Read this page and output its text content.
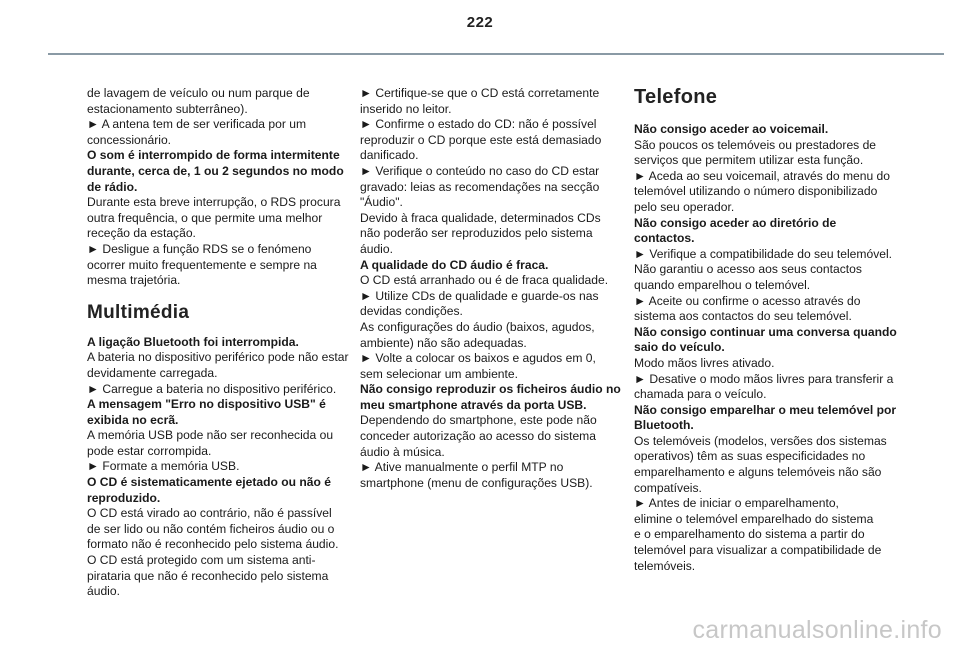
222

de lavagem de veículo ou num parque de

estacionamento subterrâneo).

► A antena tem de ser verificada por um

concessionário.

O som é interrompido de forma intermitente

durante, cerca de, 1 ou 2 segundos no modo

de rádio.

Durante esta breve interrupção, o RDS procura

outra frequência, o que permite uma melhor

receção da estação.

► Desligue a função RDS se o fenómeno

ocorrer muito frequentemente e sempre na

mesma trajetória.

Multimédia

A ligação Bluetooth foi interrompida.

A bateria no dispositivo periférico pode não estar

devidamente carregada.

► Carregue a bateria no dispositivo periférico.

A mensagem "Erro no dispositivo USB" é

exibida no ecrã.

A memória USB pode não ser reconhecida ou

pode estar corrompida.

► Formate a memória USB.

O CD é sistematicamente ejetado ou não é

reproduzido.

O CD está virado ao contrário, não é passível

de ser lido ou não contém ficheiros áudio ou o

formato não é reconhecido pelo sistema áudio.

O CD está protegido com um sistema anti-

pirataria que não é reconhecido pelo sistema

áudio.

► Certifique-se que o CD está corretamente

inserido no leitor.

► Confirme o estado do CD: não é possível

reproduzir o CD porque este está demasiado

danificado.

► Verifique o conteúdo no caso do CD estar

gravado: leias as recomendações na secção

"Áudio".

Devido à fraca qualidade, determinados CDs

não poderão ser reproduzidos pelo sistema

áudio.

A qualidade do CD áudio é fraca.

O CD está arranhado ou é de fraca qualidade.

► Utilize CDs de qualidade e guarde-os nas

devidas condições.

As configurações do áudio (baixos, agudos,

ambiente) não são adequadas.

► Volte a colocar os baixos e agudos em 0,

sem selecionar um ambiente.

Não consigo reproduzir os ficheiros áudio no

meu smartphone através da porta USB.

Dependendo do smartphone, este pode não

conceder autorização ao acesso do sistema

áudio à música.

► Ative manualmente o perfil MTP no

smartphone (menu de configurações USB).

Telefone

Não consigo aceder ao voicemail.

São poucos os telemóveis ou prestadores de

serviços que permitem utilizar esta função.

► Aceda ao seu voicemail, através do menu do

telemóvel utilizando o número disponibilizado

pelo seu operador.

Não consigo aceder ao diretório de

contactos.

► Verifique a compatibilidade do seu telemóvel.

Não garantiu o acesso aos seus contactos

quando emparelhou o telemóvel.

► Aceite ou confirme o acesso através do

sistema aos contactos do seu telemóvel.

Não consigo continuar uma conversa quando

saio do veículo.

Modo mãos livres ativado.

► Desative o modo mãos livres para transferir a

chamada para o veículo.

Não consigo emparelhar o meu telemóvel por

Bluetooth.

Os telemóveis (modelos, versões dos sistemas

operativos) têm as suas especificidades no

emparelhamento e alguns telemóveis não são

compatíveis.

► Antes de iniciar o emparelhamento,

elimine o telemóvel emparelhado do sistema

e o emparelhamento do sistema a partir do

telemóvel para visualizar a compatibilidade de

telemóveis.

carmanualsonline.info
